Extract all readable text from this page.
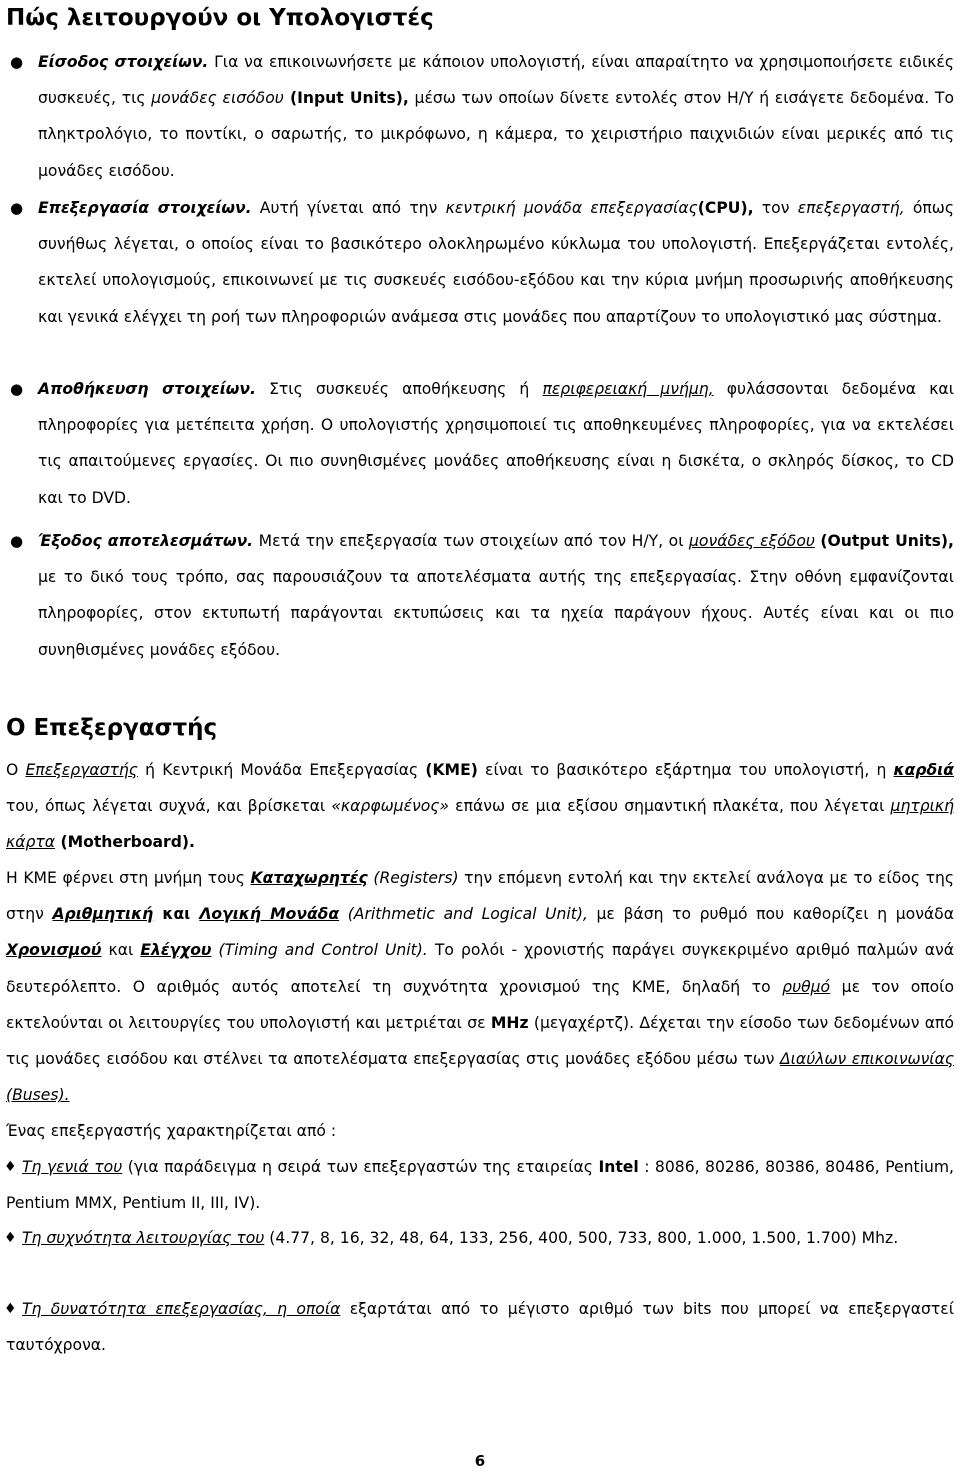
Πώς λειτουργούν οι Υπολογιστές
● Είσοδος στοιχείων. Για να επικοινωνήσετε με κάποιον υπολογιστή, είναι απαραίτητο να χρησιμοποιήσετε ειδικές συσκευές, τις μονάδες εισόδου (Input Units), μέσω των οποίων δίνετε εντολές στον Η/Υ ή εισάγετε δεδομένα. Το πληκτρολόγιο, το ποντίκι, ο σαρωτής, το μικρόφωνο, η κάμερα, το χειριστήριο παιχνιδιών είναι μερικές από τις μονάδες εισόδου.

● Επεξεργασία στοιχείων. Αυτή γίνεται από την κεντρική μονάδα επεξεργασίας(CPU), τον επεξεργαστή, όπως συνήθως λέγεται, ο οποίος είναι το βασικότερο ολοκληρωμένο κύκλωμα του υπολογιστή. Επεξεργάζεται εντολές, εκτελεί υπολογισμούς, επικοινωνεί με τις συσκευές εισόδου-εξόδου και την κύρια μνήμη προσωρινής αποθήκευσης και γενικά ελέγχει τη ροή των πληροφοριών ανάμεσα στις μονάδες που απαρτίζουν το υπολογιστικό μας σύστημα.

● Αποθήκευση στοιχείων. Στις συσκευές αποθήκευσης ή περιφερειακή μνήμη, φυλάσσονται δεδομένα και πληροφορίες για μετέπειτα χρήση. Ο υπολογιστής χρησιμοποιεί τις αποθηκευμένες πληροφορίες, για να εκτελέσει τις απαιτούμενες εργασίες. Οι πιο συνηθισμένες μονάδες αποθήκευσης είναι η δισκέτα, ο σκληρός δίσκος, το CD και το DVD.

● Έξοδος αποτελεσμάτων. Μετά την επεξεργασία των στοιχείων από τον Η/Υ, οι μονάδες εξόδου (Output Units), με το δικό τους τρόπο, σας παρουσιάζουν τα αποτελέσματα αυτής της επεξεργασίας. Στην οθόνη εμφανίζονται πληροφορίες, στον εκτυπωτή παράγονται εκτυπώσεις και τα ηχεία παράγουν ήχους. Αυτές είναι και οι πιο συνηθισμένες μονάδες εξόδου.

Ο Επεξεργαστής

Ο Επεξεργαστής ή Κεντρική Μονάδα Επεξεργασίας (ΚΜΕ) είναι το βασικότερο εξάρτημα του υπολογιστή, η καρδιά του, όπως λέγεται συχνά, και βρίσκεται «καρφωμένος» επάνω σε μια εξίσου σημαντική πλακέτα, που λέγεται μητρική κάρτα (Motherboard).

Η ΚΜΕ φέρνει στη μνήμη τους Καταχωρητές (Registers) την επόμενη εντολή και την εκτελεί ανάλογα με το είδος της στην Αριθμητική και Λογική Μονάδα (Arithmetic and Logical Unit), με βάση το ρυθμό που καθορίζει η μονάδα Χρονισμού και Ελέγχου (Timing and Control Unit). Το ρολόι - χρονιστής παράγει συγκεκριμένο αριθμό παλμών ανά δευτερόλεπτο. Ο αριθμός αυτός αποτελεί τη συχνότητα χρονισμού της ΚΜΕ, δηλαδή το ρυθμό με τον οποίο εκτελούνται οι λειτουργίες του υπολογιστή και μετριέται σε MHz (μεγαχέρτζ). Δέχεται την είσοδο των δεδομένων από τις μονάδες εισόδου και στέλνει τα αποτελέσματα επεξεργασίας στις μονάδες εξόδου μέσω των Διαύλων επικοινωνίας (Buses).

Ένας επεξεργαστής χαρακτηρίζεται από :

♦ Τη γενιά του (για παράδειγμα η σειρά των επεξεργαστών της εταιρείας Intel : 8086, 80286, 80386, 80486, Pentium, Pentium MMX, Pentium II, III, IV).

♦ Τη συχνότητα λειτουργίας του (4.77, 8, 16, 32, 48, 64, 133, 256, 400, 500, 733, 800, 1.000, 1.500, 1.700) Mhz.

♦ Τη δυνατότητα επεξεργασίας, η οποία εξαρτάται από το μέγιστο αριθμό των bits που μπορεί να επεξεργαστεί ταυτόχρονα.

6
